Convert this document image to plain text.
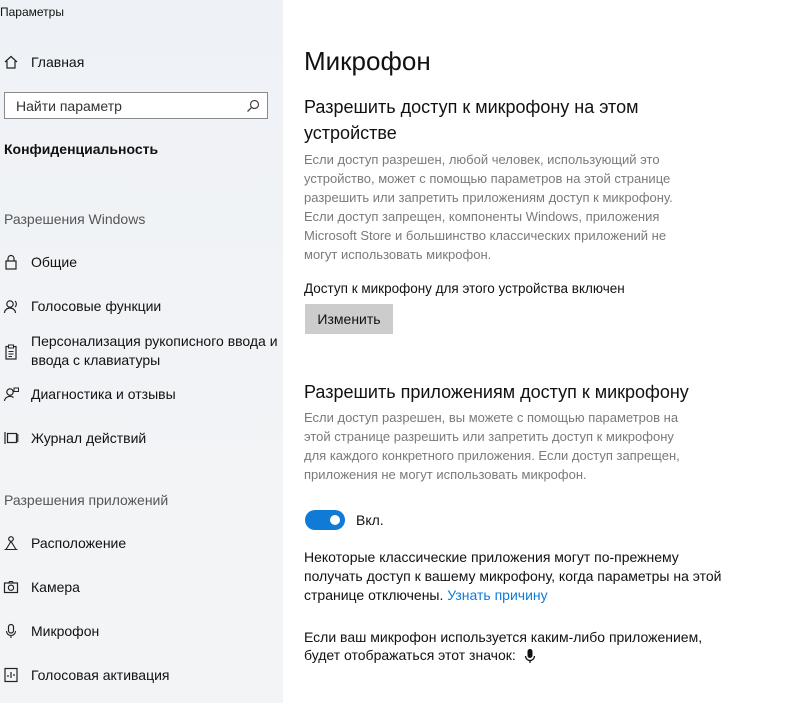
Параметры
Главная
Найти параметр
Конфиденциальность
Разрешения Windows
Общие
Голосовые функции
Персонализация рукописного ввода и
ввода с клавиатуры
Диагностика и отзывы
Журнал действий
Разрешения приложений
Расположение
Камера
Микрофон
Голосовая активация
Микрофон
Разрешить доступ к микрофону на этом
устройстве
Если доступ разрешен, любой человек, использующий это
устройство, может с помощью параметров на этой странице
разрешить или запретить приложениям доступ к микрофону.
Если доступ запрещен, компоненты Windows, приложения
Microsoft Store и большинство классических приложений не
могут использовать микрофон.
Доступ к микрофону для этого устройства включен
Изменить
Разрешить приложениям доступ к микрофону
Если доступ разрешен, вы можете с помощью параметров на
этой странице разрешить или запретить доступ к микрофону
для каждого конкретного приложения. Если доступ запрещен,
приложения не могут использовать микрофон.
Вкл.
Некоторые классические приложения могут по-прежнему
получать доступ к вашему микрофону, когда параметры на этой
странице отключены. Узнать причину
Если ваш микрофон используется каким-либо приложением,
будет отображаться этот значок:
